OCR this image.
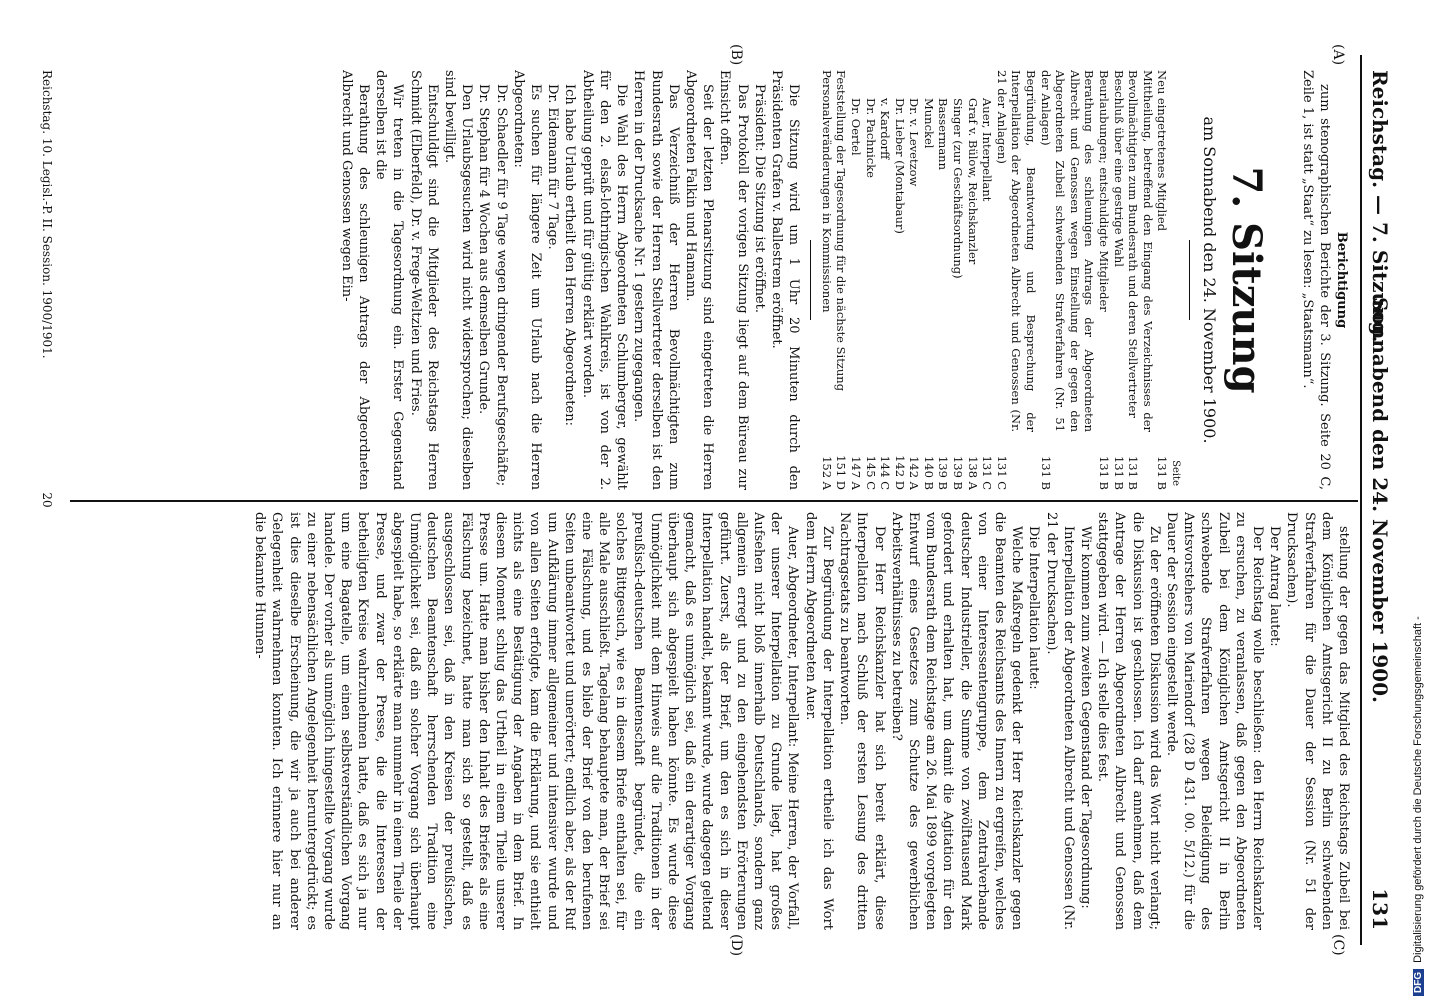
Reichstag. — 7. Sitzung.
Sonnabend den 24. November 1900.
131
(A)
(B)
(C)
(D)
Berichtigung

zum stenographischen Berichte der 3. Sitzung. Seite 20 C, Zeile 1, ist statt „Staat“ zu lesen: „Staatsmann“.

7. Sitzung
am Sonnabend den 24. November 1900.
Seite
Neu eingetretenes Mitglied
131 B
Mittheilung, betreffend den Eingang des Verzeichnisses der Bevollmächtigten zum Bundesrath und deren Stellvertreter
131 B
Beschluß über eine gestrige Wahl
131 B
Beurlaubungen; entschuldigte Mitglieder
131 B
Berathung des schleunigen Antrags der Abgeordneten Albrecht und Genossen wegen Einstellung der gegen den Abgeordneten Zubeil schwebenden Strafverfahren (Nr. 51 der Anlagen)
131 B
Begründung, Beantwortung und Besprechung der Interpellation der Abgeordneten Albrecht und Genossen (Nr. 21 der Anlagen)
131 C
Auer, Interpellant
131 C
Graf v. Bülow, Reichskanzler
138 A
Singer (zur Geschäftsordnung)
139 B
Bassermann
139 B
Munckel
140 B
Dr. v. Levetzow
142 A
Dr. Lieber (Montabaur)
142 D
v. Kardorff
144 C
Dr. Pachnicke
145 C
Dr. Oertel
147 A
Feststellung der Tagesordnung für die nächste Sitzung
151 D
Personalveränderungen in Kommissionen
152 A

Die Sitzung wird um 1 Uhr 20 Minuten durch den Präsidenten Grafen v. Ballestrem eröffnet.

Präsident: Die Sitzung ist eröffnet.

Das Protokoll der vorigen Sitzung liegt auf dem Büreau zur Einsicht offen.

Seit der letzten Plenarsitzung sind eingetreten die Herren Abgeordneten Falkin und Hamann.

Das Verzeichniß der Herren Bevollmächtigten zum Bundesrath sowie der Herren Stellvertreter derselben ist den Herren in der Drucksache Nr. 1 gestern zugegangen.

Die Wahl des Herrn Abgeordneten Schlumberger, gewählt für den 2. elsaß-lothringischen Wahlkreis, ist von der 2. Abtheilung geprüft und für gültig erklärt worden.

Ich habe Urlaub ertheilt den Herren Abgeordneten:

Dr. Eidemann für 7 Tage.

Es suchen für längere Zeit um Urlaub nach die Herren Abgeordneten:

Dr. Schaedler für 9 Tage wegen dringender Berufsgeschäfte;

Dr. Stephan für 4 Wochen aus demselben Grunde.

Den Urlaubsgesuchen wird nicht widersprochen; dieselben sind bewilligt.

Entschuldigt sind die Mitglieder des Reichstags Herren Schmidt (Elberfeld), Dr. v. Frege-Weltzien und Fries.

Wir treten in die Tagesordnung ein. Erster Gegenstand derselben ist die

Berathung des schleunigen Antrags der Abgeordneten Albrecht und Genossen wegen Ein-

stellung der gegen das Mitglied des Reichstags Zubeil bei dem Königlichen Amtsgericht II zu Berlin schwebenden Strafverfahren für die Dauer der Session (Nr. 51 der Drucksachen).

Der Antrag lautet:

Der Reichstag wolle beschließen: den Herrn Reichskanzler zu ersuchen, zu veranlassen, daß gegen den Abgeordneten Zubeil bei dem Königlichen Amtsgericht II in Berlin schwebende Strafverfahren wegen Beleidigung des Amtsvorstehers von Mariendorf (28 D 431. 00. 5/12.) für die Dauer der Session eingestellt werde.

Zu der eröffneten Diskussion wird das Wort nicht verlangt; die Diskussion ist geschlossen. Ich darf annehmen, daß dem Antrage der Herren Abgeordneten Albrecht und Genossen stattgegeben wird. — Ich stelle dies fest.

Wir kommen zum zweiten Gegenstand der Tagesordnung:

Interpellation der Abgeordneten Albrecht und Genossen (Nr. 21 der Drucksachen).

Die Interpellation lautet:

Welche Maßregeln gedenkt der Herr Reichskanzler gegen die Beamten des Reichsamts des Innern zu ergreifen, welches von einer Interessentengruppe, dem Zentralverbande deutscher Industrieller, die Summe von zwölftausend Mark gefordert und erhalten hat, um damit die Agitation für den vom Bundesrath dem Reichstage am 26. Mai 1899 vorgelegten Entwurf eines Gesetzes zum Schutze des gewerblichen Arbeitsverhältnisses zu betreiben?

Der Herr Reichskanzler hat sich bereit erklärt, diese Interpellation nach Schluß der ersten Lesung des dritten Nachtragsetats zu beantworten.

Zur Begründung der Interpellation ertheile ich das Wort dem Herrn Abgeordneten Auer.

Auer, Abgeordneter, Interpellant: Meine Herren, der Vorfall, der unserer Interpellation zu Grunde liegt, hat großes Aufsehen nicht bloß innerhalb Deutschlands, sondern ganz allgemein erregt und zu den eingehendsten Erörterungen geführt. Zuerst, als der Brief, um den es sich in dieser Interpellation handelt, bekannt wurde, wurde dagegen geltend gemacht, daß es unmöglich sei, daß ein derartiger Vorgang überhaupt sich abgespielt haben könnte. Es wurde diese Unmöglichkeit mit dem Hinweis auf die Traditionen in der preußisch-deutschen Beamtenschaft begründet, die ein solches Bittgesuch, wie es in diesem Briefe enthalten sei, für alle Male ausschließt. Tagelang behauptete man, der Brief sei eine Fälschung, und es blieb der Brief von den berufenen Seiten unbeantwortet und unerörtert; endlich aber, als der Ruf um Aufklärung immer allgemeiner und intensiver wurde und von allen Seiten erfolgte, kam die Erklärung, und sie enthielt nichts als eine Bestätigung der Angaben in dem Brief. In diesem Moment schlug das Urtheil in einem Theile unserer Presse um. Hatte man bisher den Inhalt des Briefes als eine Fälschung bezeichnet, hatte man sich so gestellt, daß es ausgeschlossen sei, daß in den Kreisen der preußischen, deutschen Beamtenschaft herrschenden Tradition eine Unmöglichkeit sei, daß ein solcher Vorgang sich überhaupt abgespielt habe, so erklärte man nunmehr in einem Theile der Presse, und zwar der Presse, die die Interessen der betheiligten Kreise wahrzunehmen hatte, daß es sich ja nur um eine Bagatelle, um einen selbstverständlichen Vorgang handele. Der vorher als unmöglich hingestellte Vorgang wurde zu einer nebensächlichen Angelegenheit heruntergedrückt; es ist dies dieselbe Erscheinung, die wir ja auch bei anderer Gelegenheit wahrnehmen konnten. Ich erinnere hier nur an die bekannte Hunnen-

Reichstag. 10. Legisl.-P. II. Session. 1900/1901.
20
DFGDigitalisierung gefördert durch die Deutsche Forschungsgemeinschaft -
